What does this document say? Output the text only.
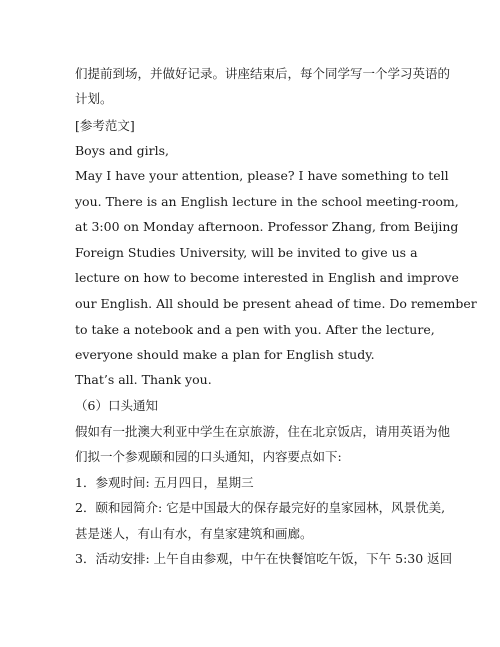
们提前到场，并做好记录。讲座结束后，每个同学写一个学习英语的
计划。
[参考范文]
Boys and girls,
May I have your attention, please? I have something to tell
you. There is an English lecture in the school meeting-room,
at 3:00 on Monday afternoon. Professor Zhang, from Beijing
Foreign Studies University, will be invited to give us a
lecture on how to become interested in English and improve
our English. All should be present ahead of time. Do remember
to take a notebook and a pen with you. After the lecture,
everyone should make a plan for English study.
That’s all. Thank you.
（6）口头通知
假如有一批澳大利亚中学生在京旅游，住在北京饭店，请用英语为他
们拟一个参观颐和园的口头通知，内容要点如下:
1．参观时间: 五月四日，星期三
2．颐和园简介: 它是中国最大的保存最完好的皇家园林，风景优美,
甚是迷人，有山有水，有皇家建筑和画廊。
3．活动安排: 上午自由参观，中午在快餐馆吃午饭，下午 5:30 返回
